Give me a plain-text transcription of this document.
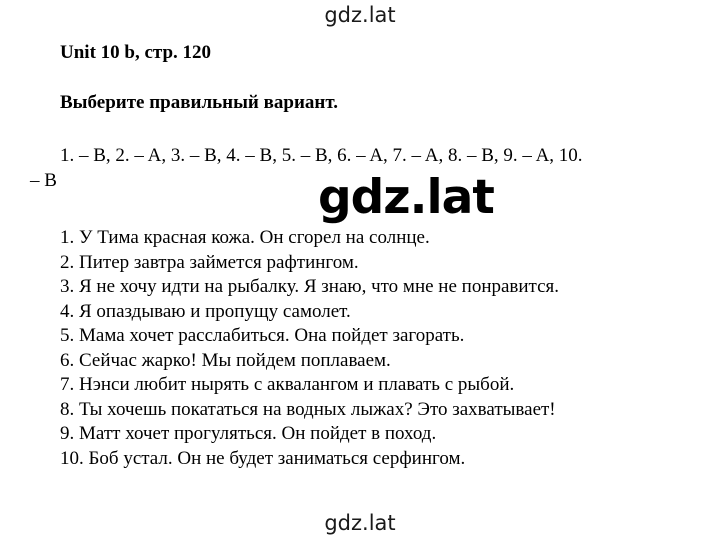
gdz.lat
Unit 10 b, стр. 120
Выберите правильный вариант.
1. – B, 2. – A, 3. – B, 4. – B, 5. – B, 6. – A, 7. – A, 8. – B, 9. – A, 10.
– B	gdz.lat
1. У Тима красная кожа. Он сгорел на солнце.
2. Питер завтра займется рафтингом.
3. Я не хочу идти на рыбалку. Я знаю, что мне не понравится.
4. Я опаздываю и пропущу самолет.
5. Мама хочет расслабиться. Она пойдет загорать.
6. Сейчас жарко! Мы пойдем поплаваем.
7. Нэнси любит нырять с аквалангом и плавать с рыбой.
8. Ты хочешь покататься на водных лыжах? Это захватывает!
9. Матт хочет прогуляться. Он пойдет в поход.
10. Боб устал. Он не будет заниматься серфингом.
gdz.lat
